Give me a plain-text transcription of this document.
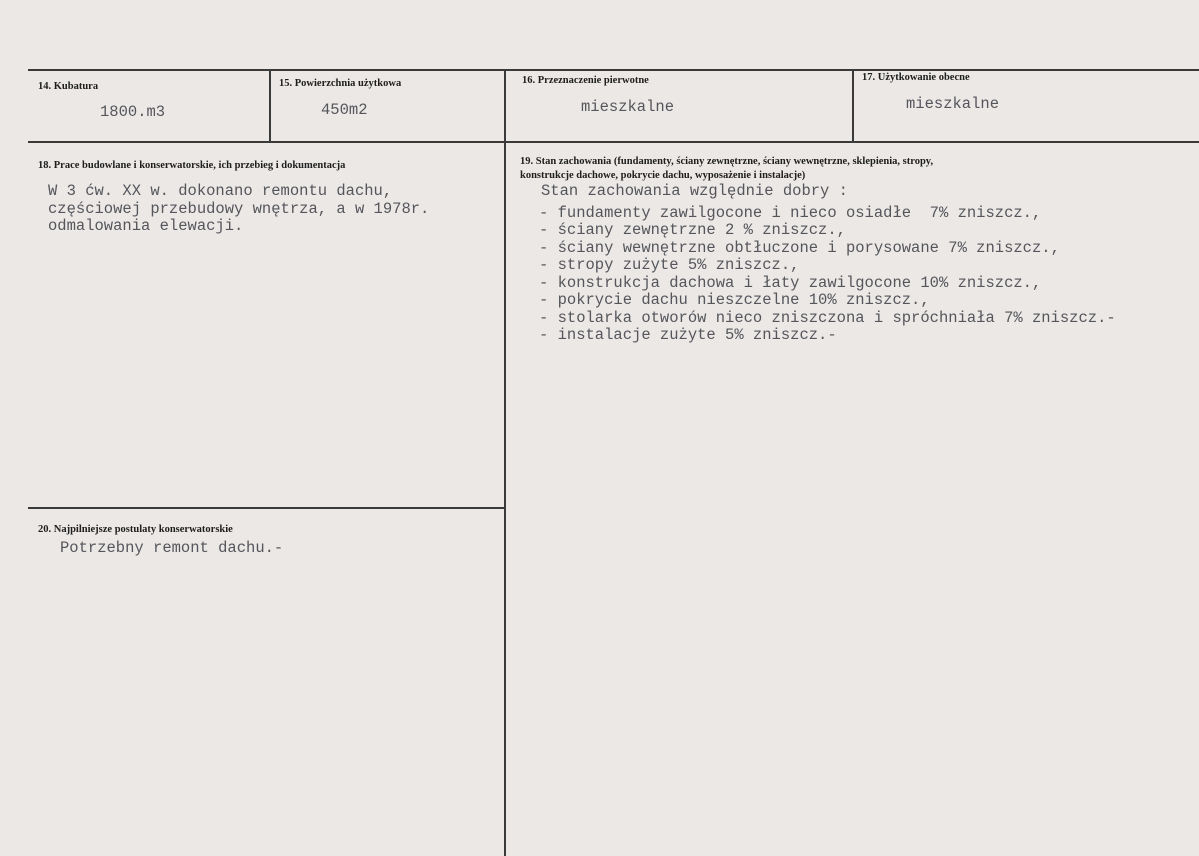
14. Kubatura
1800.m3
15. Powierzchnia użytkowa
450m2
16. Przeznaczenie pierwotne
mieszkalne
17. Użytkowanie obecne
mieszkalne
18. Prace budowlane i konserwatorskie, ich przebieg i dokumentacja
W 3 ćw. XX w. dokonano remontu dachu,
częściowej przebudowy wnętrza, a w 1978r.
odmalowania elewacji.
19. Stan zachowania (fundamenty, ściany zewnętrzne, ściany wewnętrzne, sklepienia, stropy,
konstrukcje dachowe, pokrycie dachu, wyposażenie i instalacje)
Stan zachowania względnie dobry :
- fundamenty zawilgocone i nieco osiadłe  7% zniszcz.,
- ściany zewnętrzne 2 % zniszcz.,
- ściany wewnętrzne obtłuczone i porysowane 7% zniszcz.,
- stropy zużyte 5% zniszcz.,
- konstrukcja dachowa i łaty zawilgocone 10% zniszcz.,
- pokrycie dachu nieszczelne 10% zniszcz.,
- stolarka otworów nieco zniszczona i spróchniała 7% zniszcz.-
- instalacje zużyte 5% zniszcz.-
20. Najpilniejsze postulaty konserwatorskie
Potrzebny remont dachu.-
